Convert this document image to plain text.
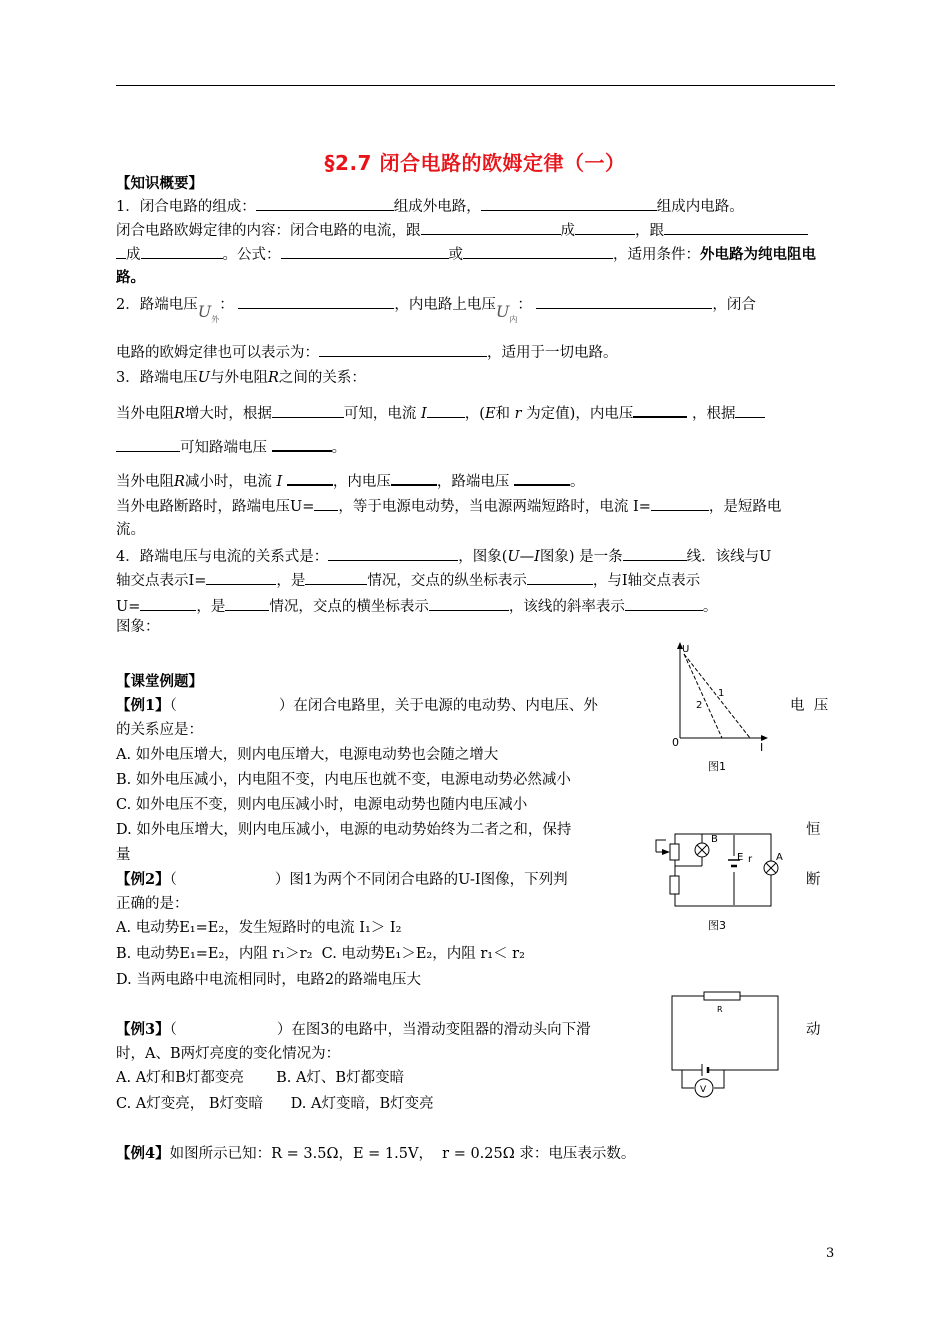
§2.7 闭合电路的欧姆定律（一）
【知识概要】
1．闭合电路的组成：	组成外电路，	组成内电路。
闭合电路欧姆定律的内容：闭合电路的电流，跟	成	，跟
成	。公式：	或	，适用条件：外电路为纯电阻电
路。
2．路端电压$U_外$：	，内电路上电压$U_内$：	，闭合
电路的欧姆定律也可以表示为：	，适用于一切电路。
3．路端电压U与外电阻R之间的关系：
当外电阻R增大时，根据	可知，电流 I	，(E和 r 为定值)，内电压	，根据
可知路端电压	。
当外电阻R减小时，电流 I	，内电压	，路端电压	。
当外电路断路时，路端电压U= ，等于电源电动势，当电源两端短路时，电流 I=	，是短路电
流。
4．路端电压与电流的关系式是：	，图象(U—I图象) 是一条	线．该线与U
轴交点表示I=	，是	情况，交点的纵坐标表示	，与I轴交点表示
U=	，是	情况，交点的横坐标表示	，该线的斜率表示	。
图象：
【课堂例题】
【例1】（	）在闭合电路里，关于电源的电动势、内电压、外	电  压
的关系应是：
A. 如外电压增大，则内电压增大，电源电动势也会随之增大
B. 如外电压减小，内电阻不变，内电压也就不变，电源电动势必然减小
C. 如外电压不变，则内电压减小时，电源电动势也随内电压减小
D. 如外电压增大，则内电压减小，电源的电动势始终为二者之和，保持	恒
量
【例2】（	）图1为两个不同闭合电路的U-I图像，下列判	断
正确的是：
A. 电动势E₁=E₂，发生短路时的电流 I₁＞ I₂
B. 电动势E₁=E₂，内阻 r₁＞r₂  C. 电动势E₁＞E₂，内阻 r₁＜ r₂
D. 当两电路中电流相同时，电路2的路端电压大
【例3】（	）在图3的电路中，当滑动变阻器的滑动头向下滑	动
时，A、B两灯亮度的变化情况为：
A. A灯和B灯都变亮       B. A灯、B灯都变暗
C. A灯变亮， B灯变暗      D. A灯变暗，B灯变亮
【例4】如图所示已知：R = 3.5Ω，E = 1.5V，  r = 0.25Ω 求：电压表示数。
U
I
0
1
2
图1
B
A
E r
图3
R
V
3
